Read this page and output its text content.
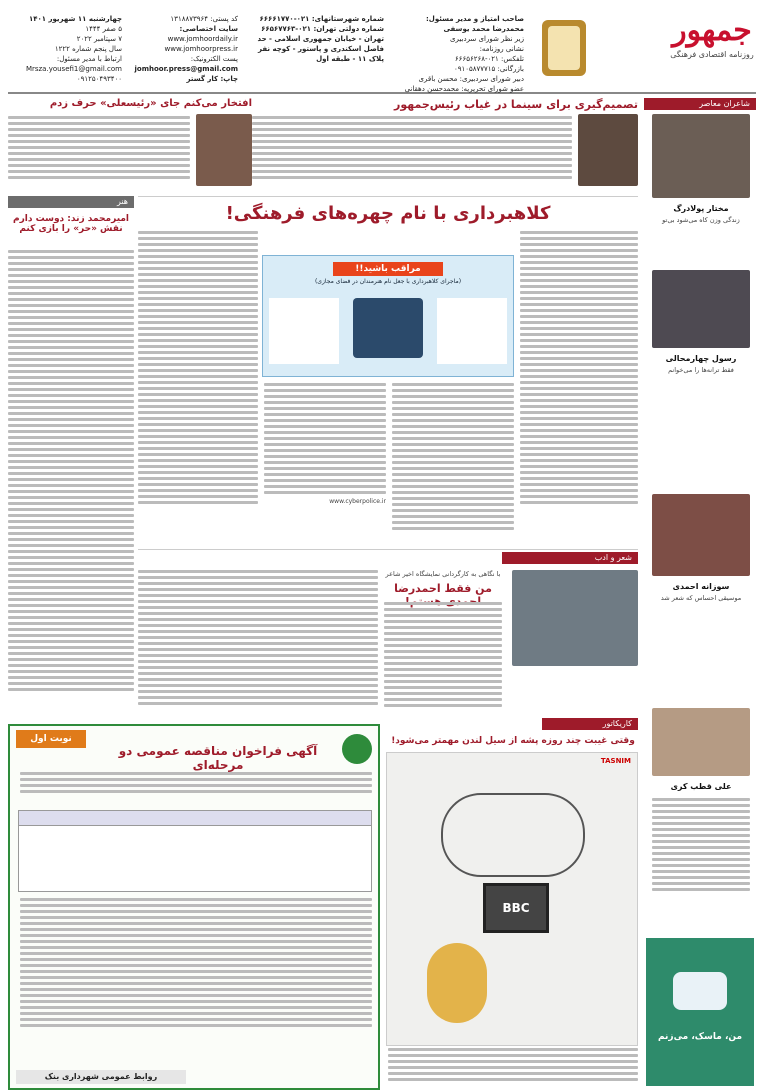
جمهور
روزنامه اقتصادی فرهنگی
صاحب امتیاز و مدیر مسئول:
محمدرضا محمد یوسفی
زیر نظر شورای سردبیری
نشانی روزنامه:
تلفکس: ۰۲۱-۶۶۶۵۶۲۶۸
بازرگانی: ۰۹۱۰۵۸۷۷۷۱۵
دبیر شورای سردبیری: محسن باقری
عضو شورای تحریریه: محمدحسن دهقانی
شماره شهرستانهای: ۰۲۱-۶۶۶۶۱۷۷۰
شماره دولتی تهران: ۰۲۱-۶۶۵۶۷۷۶۳
تهران - خیابان جمهوری اسلامی - حد
فاصل اسکندری و پاستور - کوچه نفر
پلاک ۱۱ - طبقه اول
کد پستی: ۱۳۱۸۸۷۳۹۶۴
سایت اختصاصی:
www.jomhoordaily.ir
www.jomhoorpress.ir
پست الکترونیک:
jomhoor.press@gmail.com
چاپ: کار گستر
چهارشنبه ۱۱ شهریور ۱۴۰۱
۵ صفر ۱۴۴۴
۷ سپتامبر ۲۰۲۲
سال پنجم شماره ۱۲۲۲
ارتباط با مدیر مسئول:
Mrsza.yousefi1@gmail.com
۰۹۱۲۵۰۴۹۳۴۰۰
شاعران معاصر
مختار پولادرگ
زندگی وزن کاه می‌شود بی‌تو
رسول چهارمحالی
فقط ترانه‌ها را می‌خوانم
سوزانه احمدی
موسیقی احساس که شعر شد
علی قطب کری
من، ماسک، می‌زنم
تصمیم‌گیری برای سینما در غیاب رئیس‌جمهور
افتخار می‌کنم جای «رئیسعلی» حرف زدم
هنر
امیرمحمد زند: دوست دارم نقش «حر» را بازی کنم
کلاهبرداری با نام چهره‌های فرهنگی!
مراقب باشید!!
(ماجرای کلاهبرداری با جعل نام هنرمندان در فضای مجازی)
www.cyberpolice.ir
شعر و ادب
با نگاهی به کارگردانی نمایشگاه اخیر شاعر
من فقط احمدرضا
کاریکاتور
وقتی غیبت چند روزه پشه از سیل لندن مهمتر می‌شود!
TASNIM
BBC
نوبت اول
آگهی فراخوان مناقصه عمومی دو مرحله‌ای
روابط عمومی شهرداری بنک
